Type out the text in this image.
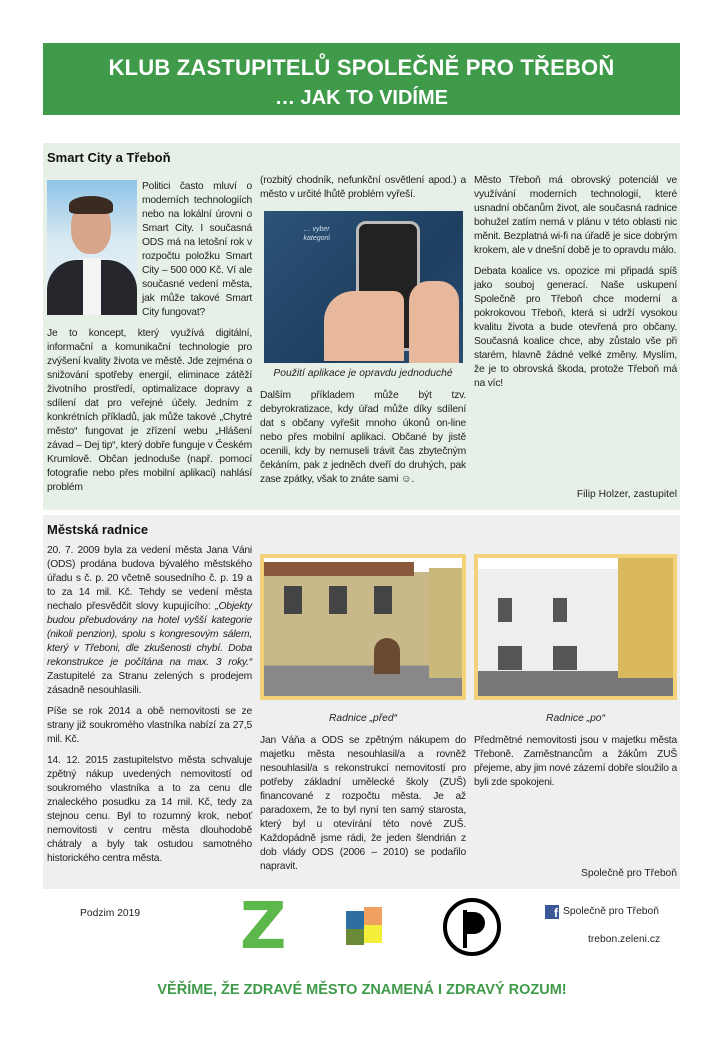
KLUB ZASTUPITELŮ SPOLEČNĚ PRO TŘEBOŇ
… JAK TO VIDÍME
Smart City a Třeboň

Politici často mluví o moderních technologiích nebo na lokální úrovni o Smart City. I současná ODS má na letošní rok v rozpočtu položku Smart City – 500 000 Kč. Ví ale současné vedení města, jak může takové Smart City fungovat?

Je to koncept, který využívá digitální, informační a komunikační technologie pro zvýšení kvality života ve městě. Jde zejména o snižování spotřeby energií, eliminace zátěží životního prostředí, optimalizace dopravy a sdílení dat pro veřejné účely. Jedním z konkrétních příkladů, jak může takové „Chytré město“ fungovat je zřízení webu „Hlášení závad – Dej tip“, který dobře funguje v Českém Krumlově. Občan jednoduše (např. pomocí fotografie nebo přes mobilní aplikaci) nahlásí problém

(rozbitý chodník, nefunkční osvětlení apod.) a město v určité lhůtě problém vyřeší.

… vyber kategorii
Použití aplikace je opravdu jednoduché

Dalším příkladem může být tzv. debyrokratizace, kdy úřad může díky sdílení dat s občany vyřešit mnoho úkonů on-line nebo přes mobilní aplikaci. Občané by jistě ocenili, kdy by nemuseli trávit čas zbytečným čekáním, pak z jedněch dveří do druhých, pak zase zpátky, však to znáte sami ☺.

Město Třeboň má obrovský potenciál ve využívání moderních technologií, které usnadní občanům život, ale současná radnice bohužel zatím nemá v plánu v této oblasti nic měnit. Bezplatná wi-fi na úřadě je sice dobrým krokem, ale v dnešní době je to opravdu málo.

Debata koalice vs. opozice mi připadá spíš jako souboj generací. Naše uskupení Společně pro Třeboň chce moderní a pokrokovou Třeboň, která si udrží vysokou kvalitu života a bude otevřená pro občany. Současná koalice chce, aby zůstalo vše při starém, hlavně žádné velké změny. Myslím, že je to obrovská škoda, protože Třeboň má na víc!

Filip Holzer, zastupitel
Městská radnice

20. 7. 2009 byla za vedení města Jana Váni (ODS) prodána budova bývalého městského úřadu s č. p. 20 včetně sousedního č. p. 19 a to za 14 mil. Kč. Tehdy se vedení města nechalo přesvědčit slovy kupujícího: „Objekty budou přebudovány na hotel vyšší kategorie (nikoli penzion), spolu s kongresovým sálem, který v Třeboni, dle zkušenosti chybí. Doba rekonstrukce je počítána na max. 3 roky.“ Zastupitelé za Stranu zelených s prodejem zásadně nesouhlasili.

Píše se rok 2014 a obě nemovitosti se ze strany již soukromého vlastníka nabízí za 27,5 mil. Kč.

14. 12. 2015 zastupitelstvo města schvaluje zpětný nákup uvedených nemovitostí od soukromého vlastníka a to za cenu dle znaleckého posudku za 14 mil. Kč, tedy za stejnou cenu. Byl to rozumný krok, neboť nemovitosti v centru města dlouhodobě chátraly a byly tak ostudou samotného historického centra města.

Radnice „před“

Jan Váňa a ODS se zpětným nákupem do majetku města nesouhlasil/a a rovněž nesouhlasil/a s rekonstrukcí nemovitostí pro potřeby základní umělecké školy (ZUŠ) financované z rozpočtu města. Je až paradoxem, že to byl nyní ten samý starosta, který byl u otevírání této nové ZUŠ. Každopádně jsme rádi, že jeden šlendrián z dob vlády ODS (2006 – 2010) se podařilo napravit.

Radnice „po“

Předmětné nemovitosti jsou v majetku města Třeboně. Zaměstnancům a žákům ZUŠ přejeme, aby jim nové zázemí dobře sloužilo a byli zde spokojeni.

Společně pro Třeboň
Podzim 2019 Z	f Společně pro Třeboň
trebon.zeleni.cz
VĚŘÍME, ŽE ZDRAVÉ MĚSTO ZNAMENÁ I ZDRAVÝ ROZUM!
